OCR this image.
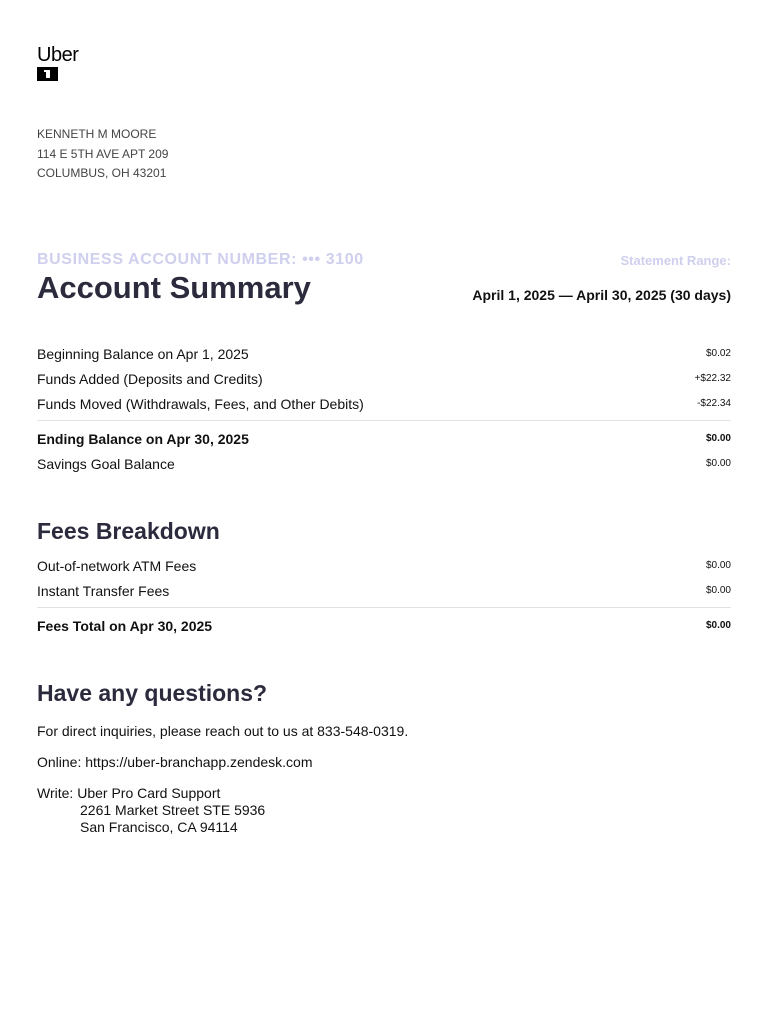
Uber
KENNETH M MOORE
114 E 5TH AVE APT 209
COLUMBUS, OH 43201
BUSINESS ACCOUNT NUMBER: ••• 3100	Statement Range:
Account Summary	April 1, 2025 — April 30, 2025 (30 days)
Beginning Balance on Apr 1, 2025	$0.02
Funds Added (Deposits and Credits)	+$22.32
Funds Moved (Withdrawals, Fees, and Other Debits)	-$22.34
Ending Balance on Apr 30, 2025	$0.00
Savings Goal Balance	$0.00
Fees Breakdown
Out-of-network ATM Fees	$0.00
Instant Transfer Fees	$0.00
Fees Total on Apr 30, 2025	$0.00
Have any questions?
For direct inquiries, please reach out to us at 833-548-0319.
Online: https://uber-branchapp.zendesk.com
Write: Uber Pro Card Support
2261 Market Street STE 5936
San Francisco, CA 94114
